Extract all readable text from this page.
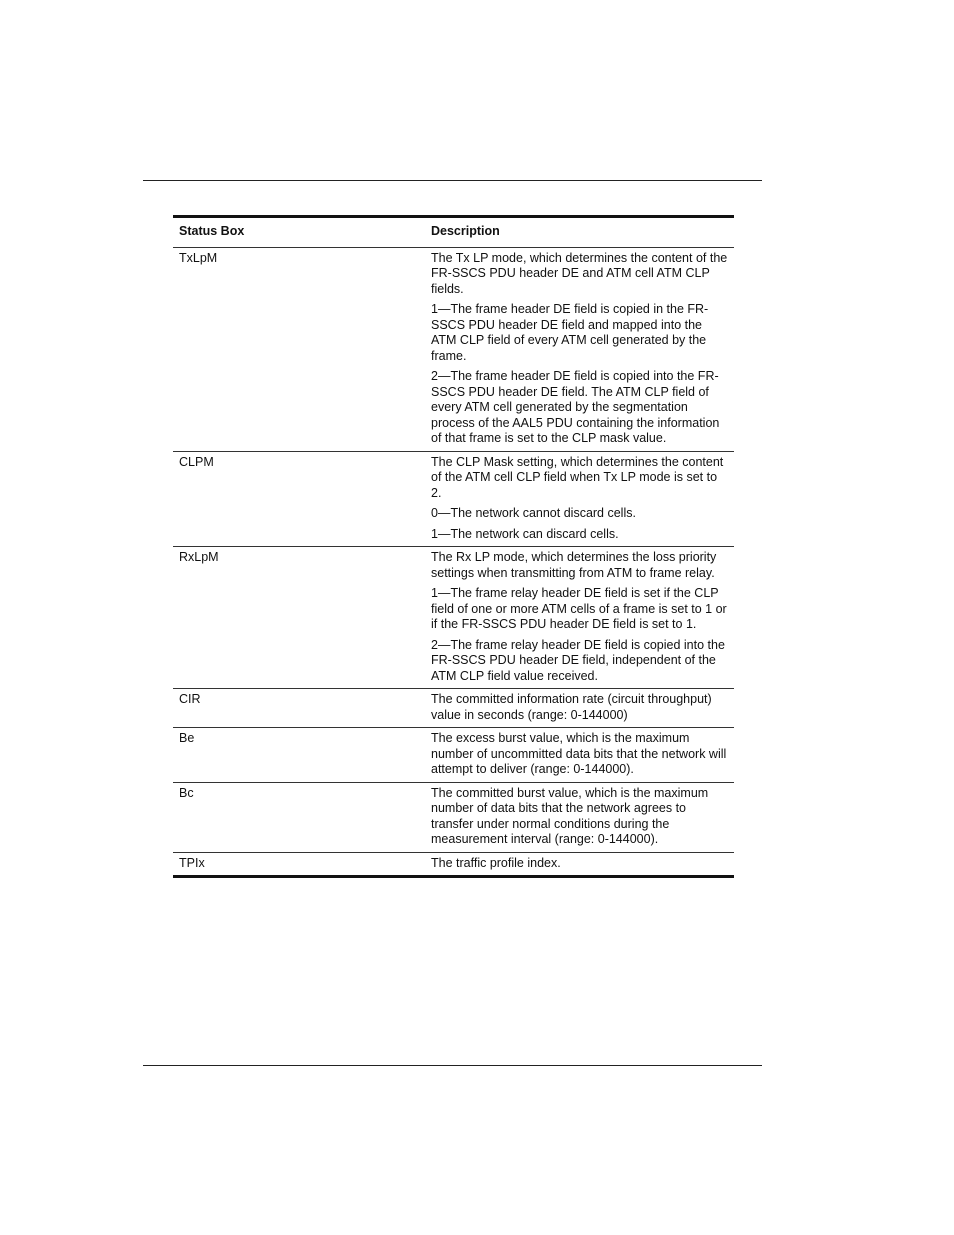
Status Box	Description
TxLpM	The Tx LP mode, which determines the content of the FR-SSCS PDU header DE and ATM cell ATM CLP fields.

1—The frame header DE field is copied in the FR-SSCS PDU header DE field and mapped into the ATM CLP field of every ATM cell generated by the frame.

2—The frame header DE field is copied into the FR-SSCS PDU header DE field. The ATM CLP field of every ATM cell generated by the segmentation process of the AAL5 PDU containing the information of that frame is set to the CLP mask value.

CLPM	The CLP Mask setting, which determines the content of the ATM cell CLP field when Tx LP mode is set to 2.

0—The network cannot discard cells.

1—The network can discard cells.

RxLpM	The Rx LP mode, which determines the loss priority settings when transmitting from ATM to frame relay.

1—The frame relay header DE field is set if the CLP field of one or more ATM cells of a frame is set to 1 or if the FR-SSCS PDU header DE field is set to 1.

2—The frame relay header DE field is copied into the FR-SSCS PDU header DE field, independent of the ATM CLP field value received.

CIR	The committed information rate (circuit throughput) value in seconds (range: 0-144000)

Be	The excess burst value, which is the maximum number of uncommitted data bits that the network will attempt to deliver (range: 0-144000).

Bc	The committed burst value, which is the maximum number of data bits that the network agrees to transfer under normal conditions during the measurement interval (range: 0-144000).

TPIx	The traffic profile index.
